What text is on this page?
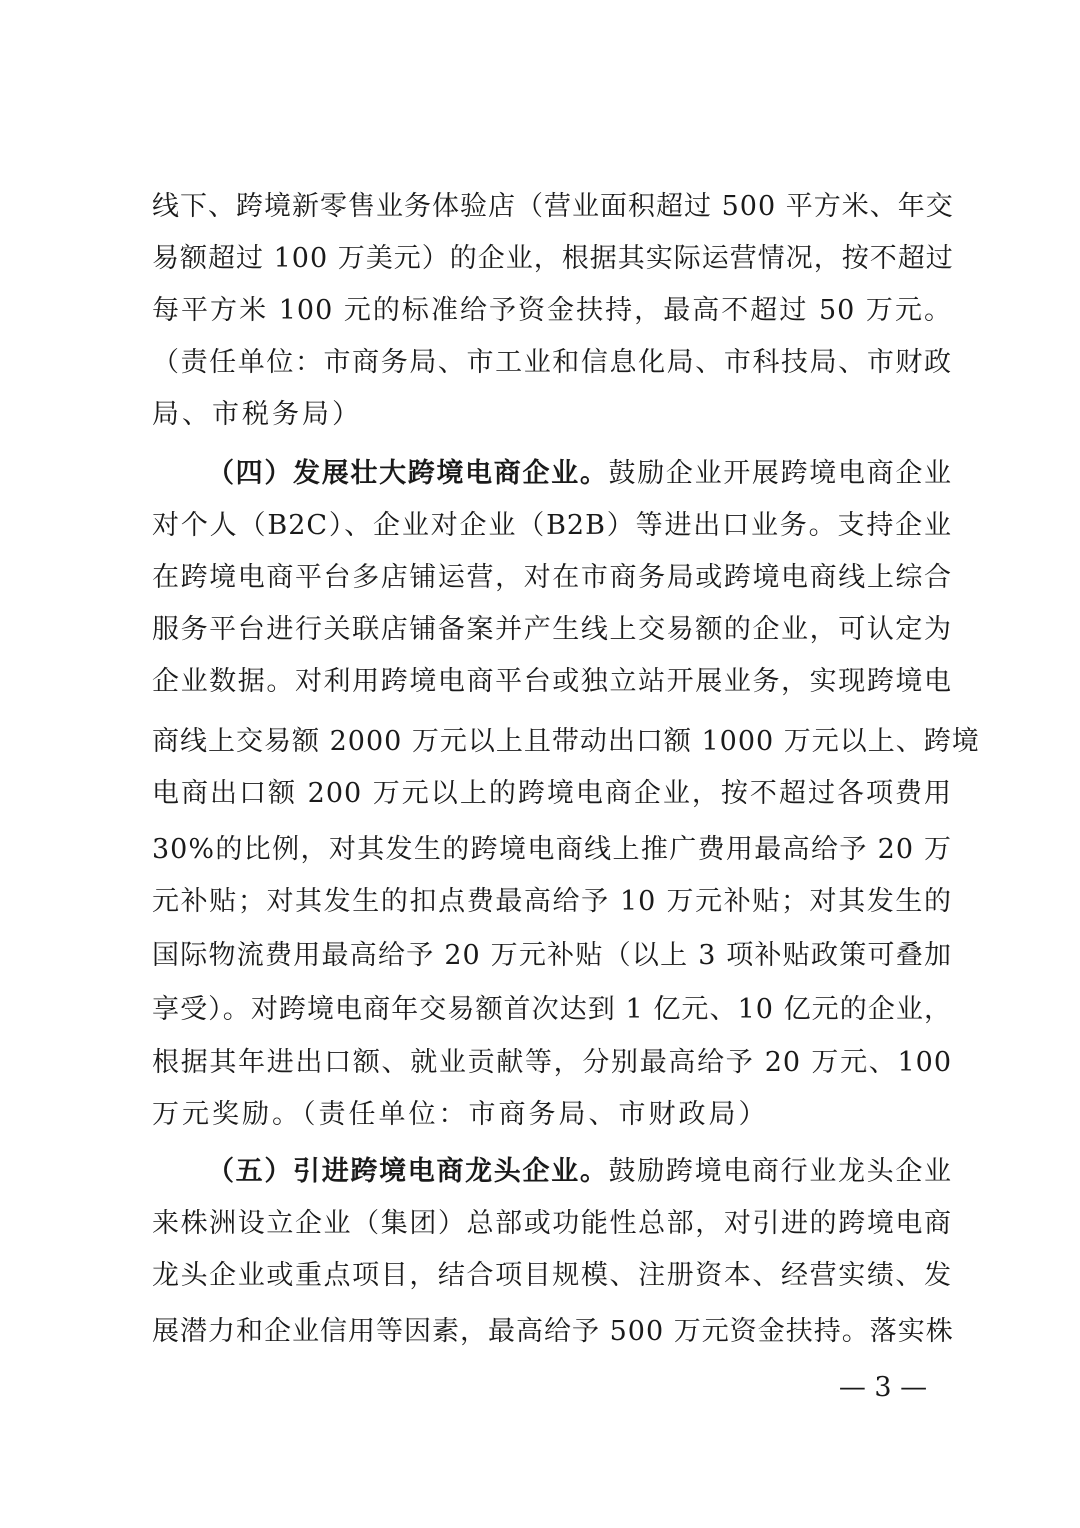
线下、跨境新零售业务体验店（营业面积超过 500 平方米、年交
易额超过 100 万美元）的企业，根据其实际运营情况，按不超过
每平方米 100 元的标准给予资金扶持，最高不超过 50 万元。
（责任单位：市商务局、市工业和信息化局、市科技局、市财政
局、市税务局）
（四）发展壮大跨境电商企业。鼓励企业开展跨境电商企业
对个人（B2C）、企业对企业（B2B）等进出口业务。支持企业
在跨境电商平台多店铺运营，对在市商务局或跨境电商线上综合
服务平台进行关联店铺备案并产生线上交易额的企业，可认定为
企业数据。对利用跨境电商平台或独立站开展业务，实现跨境电
商线上交易额 2000 万元以上且带动出口额 1000 万元以上、跨境
电商出口额 200 万元以上的跨境电商企业，按不超过各项费用
30%的比例，对其发生的跨境电商线上推广费用最高给予 20 万
元补贴；对其发生的扣点费最高给予 10 万元补贴；对其发生的
国际物流费用最高给予 20 万元补贴（以上 3 项补贴政策可叠加
享受）。对跨境电商年交易额首次达到 1 亿元、10 亿元的企业，
根据其年进出口额、就业贡献等，分别最高给予 20 万元、100
万元奖励。（责任单位：市商务局、市财政局）
（五）引进跨境电商龙头企业。鼓励跨境电商行业龙头企业
来株洲设立企业（集团）总部或功能性总部，对引进的跨境电商
龙头企业或重点项目，结合项目规模、注册资本、经营实绩、发
展潜力和企业信用等因素，最高给予 500 万元资金扶持。落实株
— 3 —
